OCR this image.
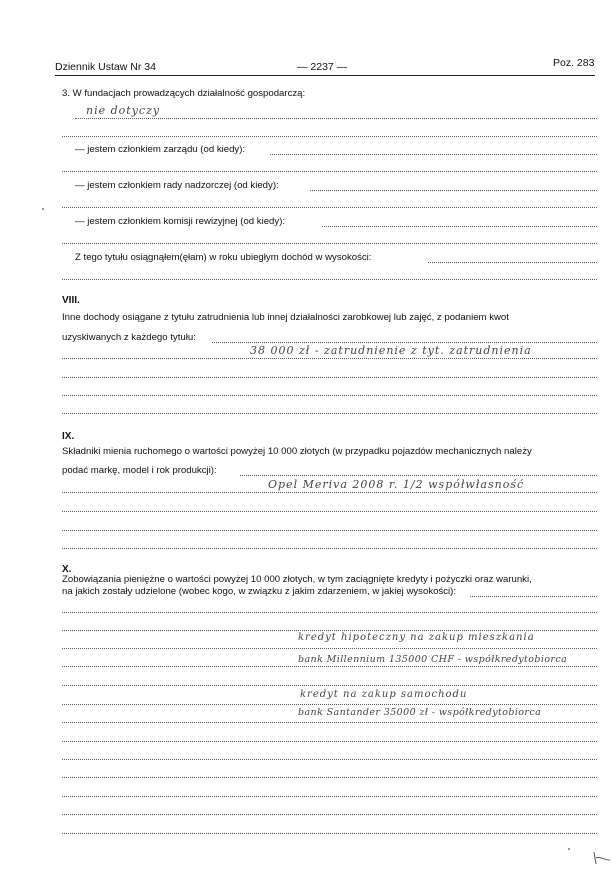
Dziennik Ustaw Nr 34	— 2237 —	Poz. 283
3. W fundacjach prowadzących działalność gospodarczą:
nie dotyczy
— jestem członkiem zarządu (od kiedy):
— jestem członkiem rady nadzorczej (od kiedy):
— jestem członkiem komisji rewizyjnej (od kiedy):
Z tego tytułu osiągnąłem(ęłam) w roku ubiegłym dochód w wysokości:
VIII.
Inne dochody osiągane z tytułu zatrudnienia lub innej działalności zarobkowej lub zajęć, z podaniem kwot
uzyskiwanych z każdego tytułu:
38 000 zł - zatrudnienie z tyt. zatrudnienia
IX.
Składniki mienia ruchomego o wartości powyżej 10 000 złotych (w przypadku pojazdów mechanicznych należy
podać markę, model i rok produkcji):
Opel Meriva 2008 r. 1/2 współwłasność
X.
Zobowiązania pieniężne o wartości powyżej 10 000 złotych, w tym zaciągnięte kredyty i pożyczki oraz warunki,
na jakich zostały udzielone (wobec kogo, w związku z jakim zdarzeniem, w jakiej wysokości):
kredyt hipoteczny na zakup mieszkania
bank Millennium 135000 CHF - współkredytobiorca
kredyt na zakup samochodu
bank Santander 35000 zł - współkredytobiorca
